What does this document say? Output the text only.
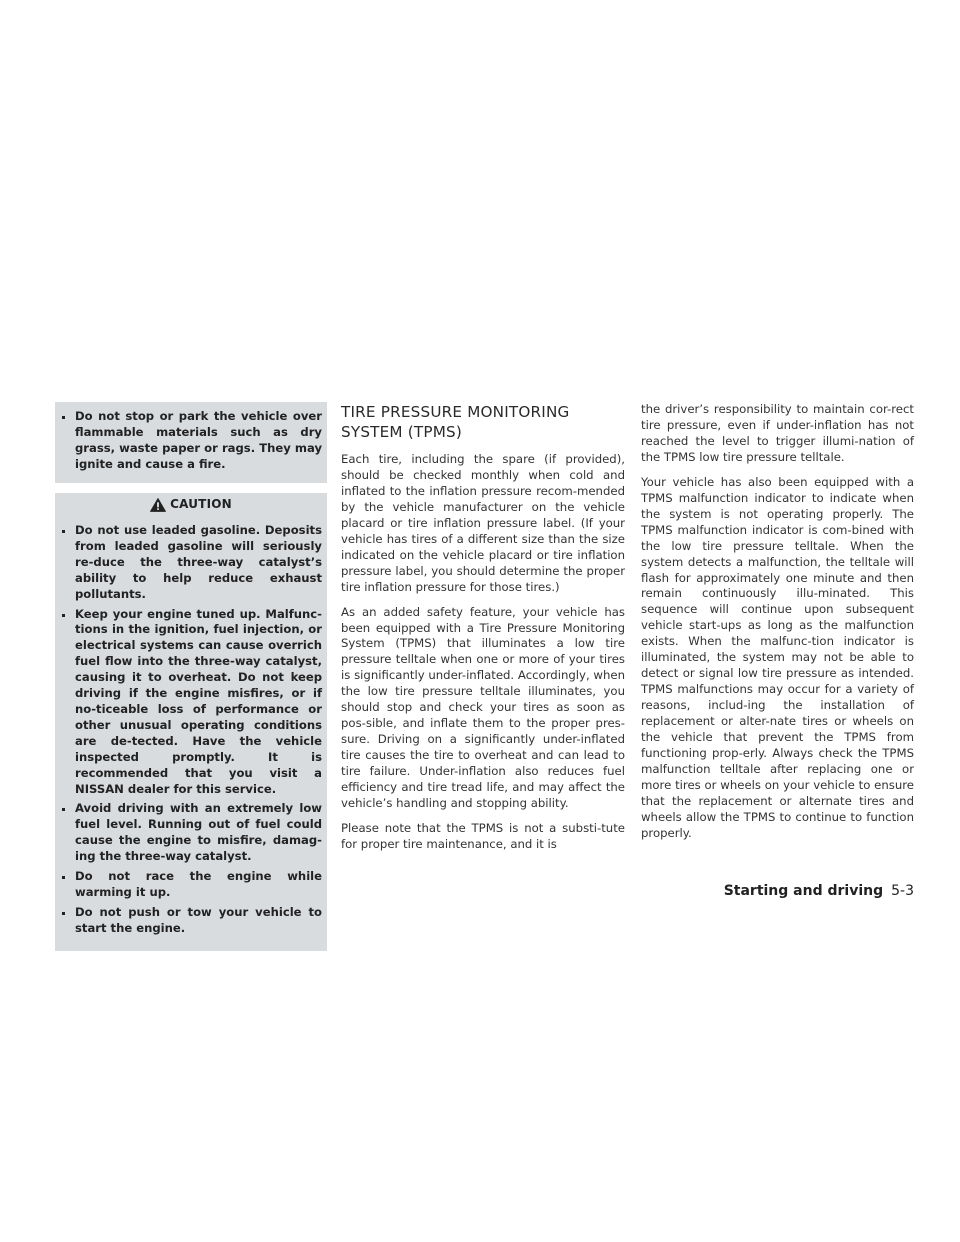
Do not stop or park the vehicle over flammable materials such as dry grass, waste paper or rags. They may ignite and cause a fire.
CAUTION
Do not use leaded gasoline. Deposits from leaded gasoline will seriously re-duce the three-way catalyst’s ability to help reduce exhaust pollutants.
Keep your engine tuned up. Malfunc-tions in the ignition, fuel injection, or electrical systems can cause overrich fuel flow into the three-way catalyst, causing it to overheat. Do not keep driving if the engine misfires, or if no-ticeable loss of performance or other unusual operating conditions are de-tected. Have the vehicle inspected promptly. It is recommended that you visit a NISSAN dealer for this service.
Avoid driving with an extremely low fuel level. Running out of fuel could cause the engine to misfire, damag-ing the three-way catalyst.
Do not race the engine while warming it up.
Do not push or tow your vehicle to start the engine.
TIRE PRESSURE MONITORING SYSTEM (TPMS)

Each tire, including the spare (if provided), should be checked monthly when cold and inflated to the inflation pressure recom-mended by the vehicle manufacturer on the vehicle placard or tire inflation pressure label. (If your vehicle has tires of a different size than the size indicated on the vehicle placard or tire inflation pressure label, you should determine the proper tire inflation pressure for those tires.)

As an added safety feature, your vehicle has been equipped with a Tire Pressure Monitoring System (TPMS) that illuminates a low tire pressure telltale when one or more of your tires is significantly under-inflated. Accordingly, when the low tire pressure telltale illuminates, you should stop and check your tires as soon as pos-sible, and inflate them to the proper pres-sure. Driving on a significantly under-inflated tire causes the tire to overheat and can lead to tire failure. Under-inflation also reduces fuel efficiency and tire tread life, and may affect the vehicle’s handling and stopping ability.

Please note that the TPMS is not a substi-tute for proper tire maintenance, and it is

the driver’s responsibility to maintain cor-rect tire pressure, even if under-inflation has not reached the level to trigger illumi-nation of the TPMS low tire pressure telltale.

Your vehicle has also been equipped with a TPMS malfunction indicator to indicate when the system is not operating properly. The TPMS malfunction indicator is com-bined with the low tire pressure telltale. When the system detects a malfunction, the telltale will flash for approximately one minute and then remain continuously illu-minated. This sequence will continue upon subsequent vehicle start-ups as long as the malfunction exists. When the malfunc-tion indicator is illuminated, the system may not be able to detect or signal low tire pressure as intended. TPMS malfunctions may occur for a variety of reasons, includ-ing the installation of replacement or alter-nate tires or wheels on the vehicle that prevent the TPMS from functioning prop-erly. Always check the TPMS malfunction telltale after replacing one or more tires or wheels on your vehicle to ensure that the replacement or alternate tires and wheels allow the TPMS to continue to function properly.

Starting and driving 5-3
